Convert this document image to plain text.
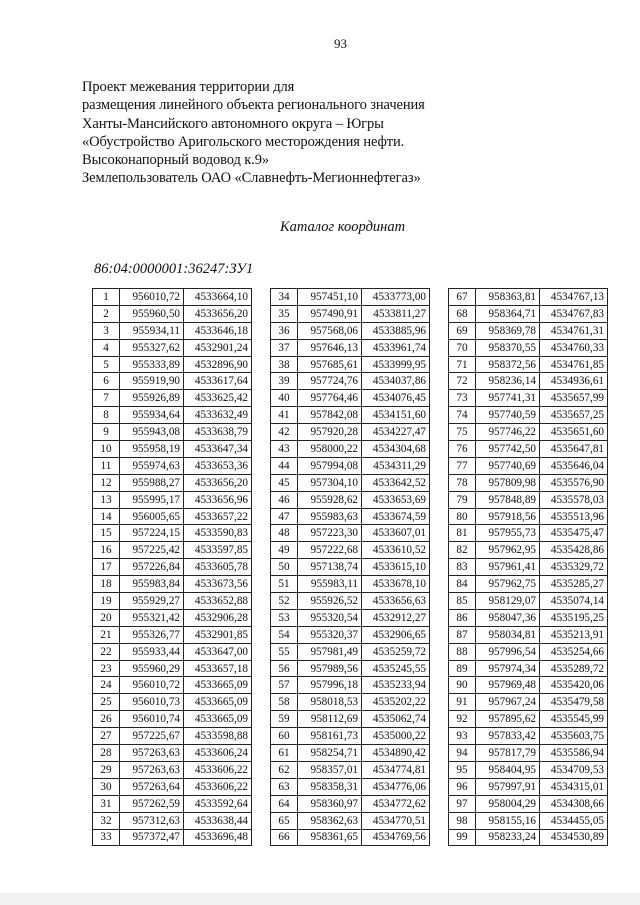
93
Проект межевания территории для
размещения линейного объекта регионального значения
Ханты-Мансийского автономного округа – Югры
«Обустройство Аригольского месторождения нефти.
Высоконапорный водовод к.9»
Землепользователь ОАО «Славнефть-Мегионнефтегаз»
Каталог координат
86:04:0000001:36247:ЗУ1
1	956010,72	4533664,10
2	955960,50	4533656,20
3	955934,11	4533646,18
4	955327,62	4532901,24
5	955333,89	4532896,90
6	955919,90	4533617,64
7	955926,89	4533625,42
8	955934,64	4533632,49
9	955943,08	4533638,79
10	955958,19	4533647,34
11	955974,63	4533653,36
12	955988,27	4533656,20
13	955995,17	4533656,96
14	956005,65	4533657,22
15	957224,15	4533590,83
16	957225,42	4533597,85
17	957226,84	4533605,78
18	955983,84	4533673,56
19	955929,27	4533652,88
20	955321,42	4532906,28
21	955326,77	4532901,85
22	955933,44	4533647,00
23	955960,29	4533657,18
24	956010,72	4533665,09
25	956010,73	4533665,09
26	956010,74	4533665,09
27	957225,67	4533598,88
28	957263,63	4533606,24
29	957263,63	4533606,22
30	957263,64	4533606,22
31	957262,59	4533592,64
32	957312,63	4533638,44
33	957372,47	4533696,48
34	957451,10	4533773,00
35	957490,91	4533811,27
36	957568,06	4533885,96
37	957646,13	4533961,74
38	957685,61	4533999,95
39	957724,76	4534037,86
40	957764,46	4534076,45
41	957842,08	4534151,60
42	957920,28	4534227,47
43	958000,22	4534304,68
44	957994,08	4534311,29
45	957304,10	4533642,52
46	955928,62	4533653,69
47	955983,63	4533674,59
48	957223,30	4533607,01
49	957222,68	4533610,52
50	957138,74	4533615,10
51	955983,11	4533678,10
52	955926,52	4533656,63
53	955320,54	4532912,27
54	955320,37	4532906,65
55	957981,49	4535259,72
56	957989,56	4535245,55
57	957996,18	4535233,94
58	958018,53	4535202,22
59	958112,69	4535062,74
60	958161,73	4535000,22
61	958254,71	4534890,42
62	958357,01	4534774,81
63	958358,31	4534776,06
64	958360,97	4534772,62
65	958362,63	4534770,51
66	958361,65	4534769,56
67	958363,81	4534767,13
68	958364,71	4534767,83
69	958369,78	4534761,31
70	958370,55	4534760,33
71	958372,56	4534761,85
72	958236,14	4534936,61
73	957741,31	4535657,99
74	957740,59	4535657,25
75	957746,22	4535651,60
76	957742,50	4535647,81
77	957740,69	4535646,04
78	957809,98	4535576,90
79	957848,89	4535578,03
80	957918,56	4535513,96
81	957955,73	4535475,47
82	957962,95	4535428,86
83	957961,41	4535329,72
84	957962,75	4535285,27
85	958129,07	4535074,14
86	958047,36	4535195,25
87	958034,81	4535213,91
88	957996,54	4535254,66
89	957974,34	4535289,72
90	957969,48	4535420,06
91	957967,24	4535479,58
92	957895,62	4535545,99
93	957833,42	4535603,75
94	957817,79	4535586,94
95	958404,95	4534709,53
96	957997,91	4534315,01
97	958004,29	4534308,66
98	958155,16	4534455,05
99	958233,24	4534530,89
